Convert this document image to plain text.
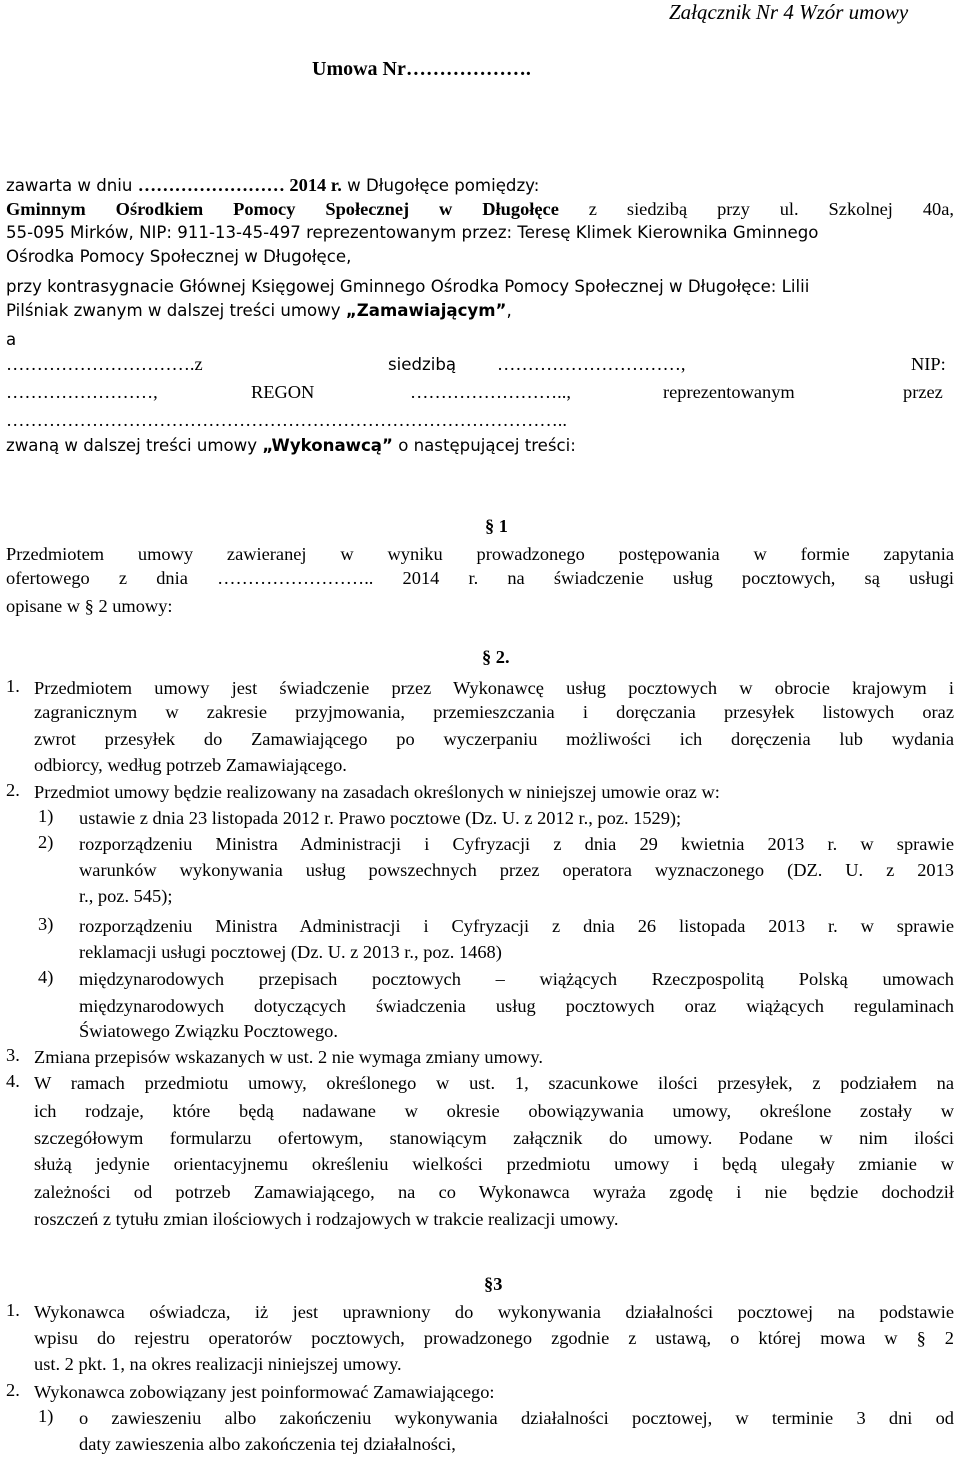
Załącznik Nr 4 Wzór umowy
Umowa Nr……………….
zawarta w dniu …………………… 2014 r. w Długołęce pomiędzy:
Gminnym Ośrodkiem Pomocy Społecznej w Długołęce z siedzibą przy ul. Szkolnej 40a,
55-095 Mirków, NIP: 911-13-45-497 reprezentowanym przez: Teresę Klimek Kierownika Gminnego
Ośrodka Pomocy Społecznej w Długołęce,
przy kontrasygnacie Głównej Księgowej Gminnego Ośrodka Pomocy Społecznej w Długołęce: Lilii
Pilśniak zwanym w dalszej treści umowy „Zamawiającym”,
a
………………………….z	siedzibą …………………………,	NIP:
……………………,	REGON	……………………..,	reprezentowanym	przez
………………………………………………………………………………..
zwaną w dalszej treści umowy „Wykonawcą” o następującej treści:
§ 1
Przedmiotem umowy zawieranej w wyniku prowadzonego postępowania w formie zapytania
ofertowego z dnia …………………….. 2014 r. na świadczenie usług pocztowych, są usługi
opisane w § 2 umowy:
§ 2.
1. Przedmiotem umowy jest świadczenie przez Wykonawcę usług pocztowych w obrocie krajowym i
zagranicznym w zakresie przyjmowania, przemieszczania i doręczania przesyłek listowych oraz
zwrot przesyłek do Zamawiającego po wyczerpaniu możliwości ich doręczenia lub wydania
odbiorcy, według potrzeb Zamawiającego.
2. Przedmiot umowy będzie realizowany na zasadach określonych w niniejszej umowie oraz w:
1) ustawie z dnia 23 listopada 2012 r. Prawo pocztowe (Dz. U. z 2012 r., poz. 1529);
2) rozporządzeniu Ministra Administracji i Cyfryzacji z dnia 29 kwietnia 2013 r. w sprawie
warunków wykonywania usług powszechnych przez operatora wyznaczonego (DZ. U. z 2013
r., poz. 545);
3) rozporządzeniu Ministra Administracji i Cyfryzacji z dnia 26 listopada 2013 r. w sprawie
reklamacji usługi pocztowej (Dz. U. z 2013 r., poz. 1468)
4) międzynarodowych przepisach pocztowych – wiążących Rzeczpospolitą Polską umowach
międzynarodowych dotyczących świadczenia usług pocztowych oraz wiążących regulaminach
Światowego Związku Pocztowego.
3. Zmiana przepisów wskazanych w ust. 2 nie wymaga zmiany umowy.
4. W ramach przedmiotu umowy, określonego w ust. 1, szacunkowe ilości przesyłek, z podziałem na
ich rodzaje, które będą nadawane w okresie obowiązywania umowy, określone zostały w
szczegółowym formularzu ofertowym, stanowiącym załącznik do umowy. Podane w nim ilości
służą jedynie orientacyjnemu określeniu wielkości przedmiotu umowy i będą ulegały zmianie w
zależności od potrzeb Zamawiającego, na co Wykonawca wyraża zgodę i nie będzie dochodził
roszczeń z tytułu zmian ilościowych i rodzajowych w trakcie realizacji umowy.
§3
1. Wykonawca oświadcza, iż jest uprawniony do wykonywania działalności pocztowej na podstawie
wpisu do rejestru operatorów pocztowych, prowadzonego zgodnie z ustawą, o której mowa w § 2
ust. 2 pkt. 1, na okres realizacji niniejszej umowy.
2. Wykonawca zobowiązany jest poinformować Zamawiającego:
1) o zawieszeniu albo zakończeniu wykonywania działalności pocztowej, w terminie 3 dni od
daty zawieszenia albo zakończenia tej działalności,
